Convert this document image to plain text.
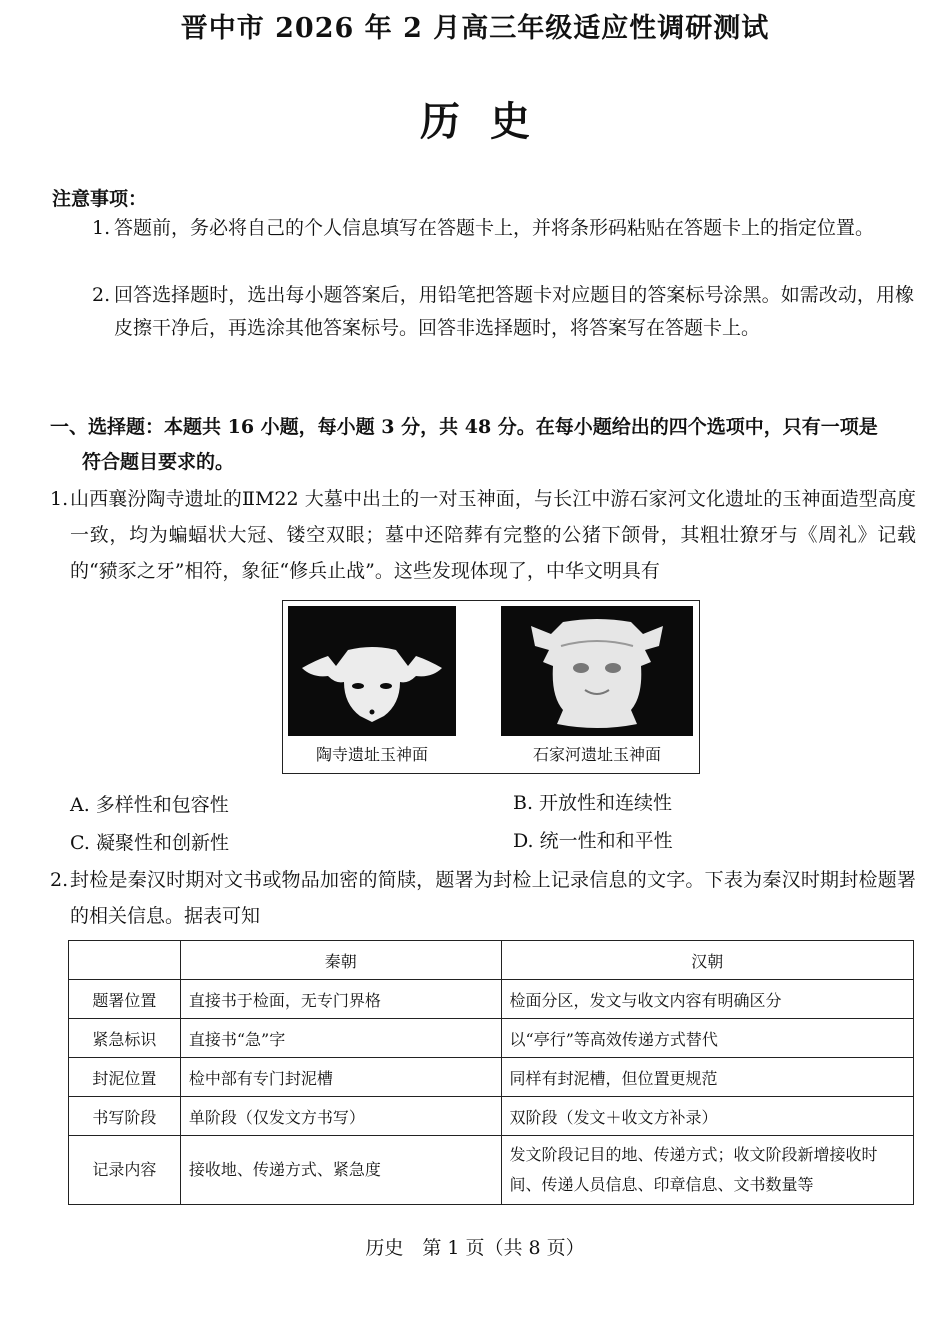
晋中市 2026 年 2 月高三年级适应性调研测试
历史
注意事项：
1. 答题前，务必将自己的个人信息填写在答题卡上，并将条形码粘贴在答题卡上的指定位置。
2. 回答选择题时，选出每小题答案后，用铅笔把答题卡对应题目的答案标号涂黑。如需改动，用橡皮擦干净后，再选涂其他答案标号。回答非选择题时，将答案写在答题卡上。
一、选择题：本题共 16 小题，每小题 3 分，共 48 分。在每小题给出的四个选项中，只有一项是
符合题目要求的。
1. 山西襄汾陶寺遗址的ⅡM22 大墓中出土的一对玉神面，与长江中游石家河文化遗址的玉神面造型高度一致，均为蝙蝠状大冠、镂空双眼；墓中还陪葬有完整的公猪下颌骨，其粗壮獠牙与《周礼》记载的“豮豕之牙”相符，象征“修兵止战”。这些发现体现了，中华文明具有
陶寺遗址玉神面	石家河遗址玉神面
A. 多样性和包容性	B. 开放性和连续性
C. 凝聚性和创新性	D. 统一性和和平性
2. 封检是秦汉时期对文书或物品加密的简牍，题署为封检上记录信息的文字。下表为秦汉时期封检题署的相关信息。据表可知
	秦朝	汉朝
题署位置	直接书于检面，无专门界格	检面分区，发文与收文内容有明确区分
紧急标识	直接书“急”字	以“亭行”等高效传递方式替代
封泥位置	检中部有专门封泥槽	同样有封泥槽，但位置更规范
书写阶段	单阶段（仅发文方书写）	双阶段（发文＋收文方补录）
记录内容	接收地、传递方式、紧急度	发文阶段记目的地、传递方式；收文阶段新增接收时间、传递人员信息、印章信息、文书数量等
历史　第 1 页（共 8 页）
